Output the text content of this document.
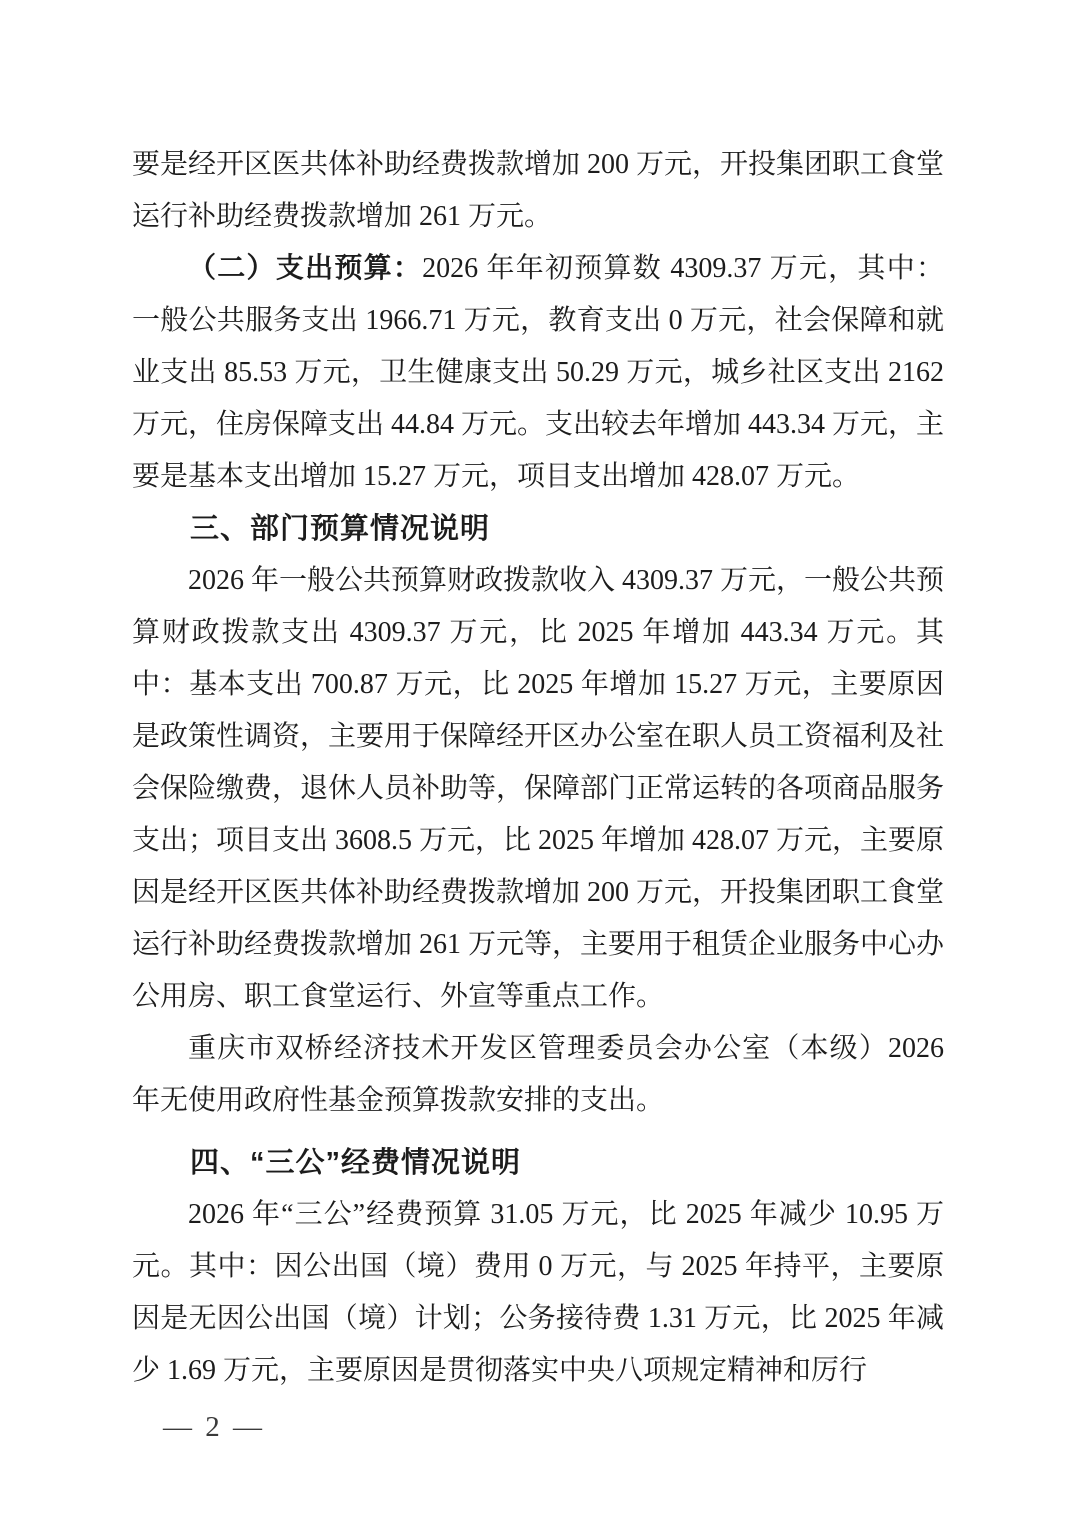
要是经开区医共体补助经费拨款增加 200 万元，开投集团职工食堂运行补助经费拨款增加 261 万元。
（二）支出预算：2026 年年初预算数 4309.37 万元，其中：一般公共服务支出 1966.71 万元，教育支出 0 万元，社会保障和就业支出 85.53 万元，卫生健康支出 50.29 万元，城乡社区支出 2162 万元，住房保障支出 44.84 万元。支出较去年增加 443.34 万元，主要是基本支出增加 15.27 万元，项目支出增加 428.07 万元。
三、部门预算情况说明
2026 年一般公共预算财政拨款收入 4309.37 万元，一般公共预算财政拨款支出 4309.37 万元，比 2025 年增加 443.34 万元。其中：基本支出 700.87 万元，比 2025 年增加 15.27 万元，主要原因是政策性调资，主要用于保障经开区办公室在职人员工资福利及社会保险缴费，退休人员补助等，保障部门正常运转的各项商品服务支出；项目支出 3608.5 万元，比 2025 年增加 428.07 万元，主要原因是经开区医共体补助经费拨款增加 200 万元，开投集团职工食堂运行补助经费拨款增加 261 万元等，主要用于租赁企业服务中心办公用房、职工食堂运行、外宣等重点工作。
重庆市双桥经济技术开发区管理委员会办公室（本级）2026 年无使用政府性基金预算拨款安排的支出。
四、“三公”经费情况说明
2026 年“三公”经费预算 31.05 万元，比 2025 年减少 10.95 万元。其中：因公出国（境）费用 0 万元，与 2025 年持平，主要原因是无因公出国（境）计划；公务接待费 1.31 万元，比 2025 年减少 1.69 万元，主要原因是贯彻落实中央八项规定精神和厉行
— 2 —
